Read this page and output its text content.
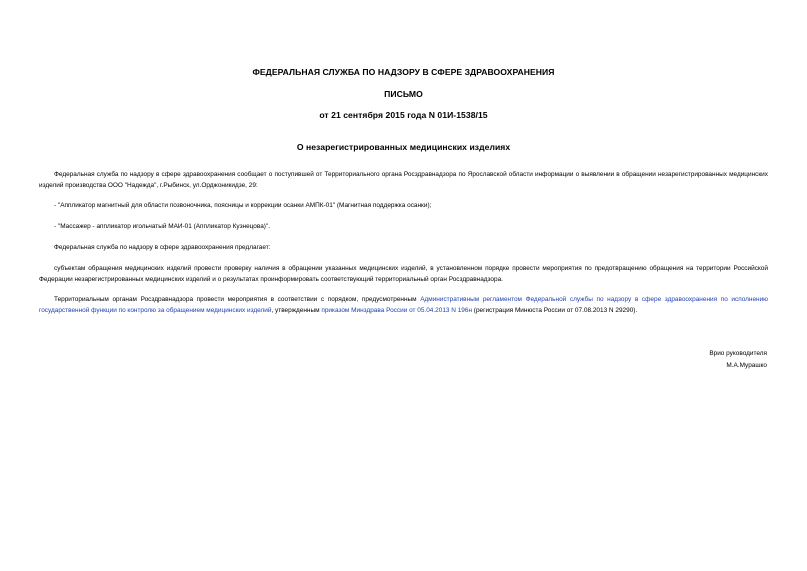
ФЕДЕРАЛЬНАЯ СЛУЖБА ПО НАДЗОРУ В СФЕРЕ ЗДРАВООХРАНЕНИЯ
ПИСЬМО
от 21 сентября 2015 года N 01И-1538/15
О незарегистрированных медицинских изделиях
Федеральная служба по надзору в сфере здравоохранения сообщает о поступившей от Территориального органа Росздравнадзора по Ярославской области информации о выявлении в обращении незарегистрированных медицинских изделий производства ООО "Надежда", г.Рыбинск, ул.Орджоникидзе, 29:
- "Аппликатор магнитный для области позвоночника, поясницы и коррекции осанки АМПК-01" (Магнитная поддержка осанки);
- "Массажер - аппликатор игольчатый МАИ-01 (Аппликатор Кузнецова)".
Федеральная служба по надзору в сфере здравоохранения предлагает:
субъектам обращения медицинских изделий провести проверку наличия в обращении указанных медицинских изделий, в установленном порядке провести мероприятия по предотвращению обращения на территории Российской Федерации незарегистрированных медицинских изделий и о результатах проинформировать соответствующий территориальный орган Росздравнадзора.
Территориальным органам Росздравнадзора провести мероприятия в соответствии с порядком, предусмотренным Административным регламентом Федеральной службы по надзору в сфере здравоохранения по исполнению государственной функции по контролю за обращением медицинских изделий, утвержденным приказом Минздрава России от 05.04.2013 N 196н (регистрация Минюста России от 07.08.2013 N 29290).
Врио руководителя
М.А.Мурашко
